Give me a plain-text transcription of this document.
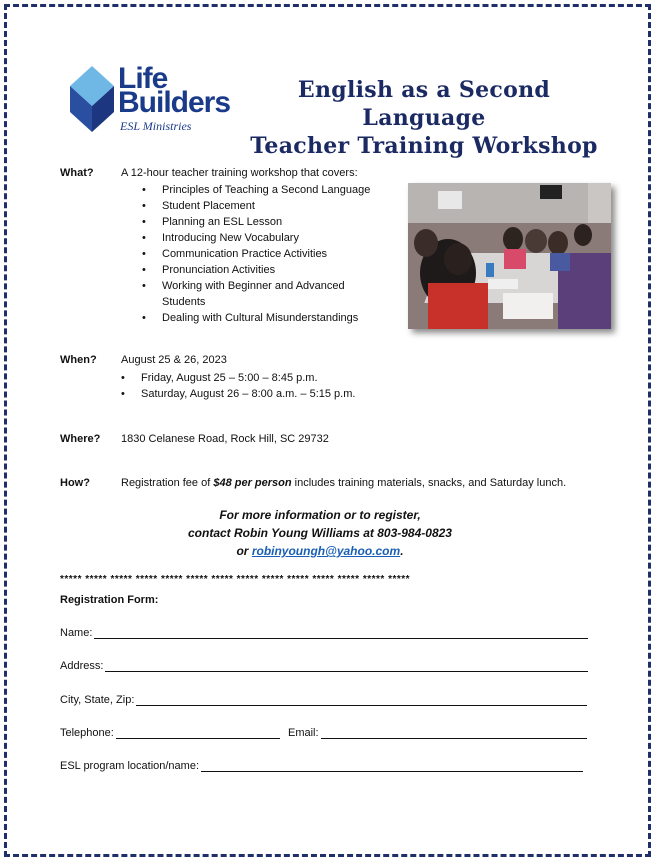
Life
Builders
ESL Ministries
English as a Second Language
Teacher Training Workshop
What? A 12-hour teacher training workshop that covers:
• Principles of Teaching a Second Language
• Student Placement
• Planning an ESL Lesson
• Introducing New Vocabulary
• Communication Practice Activities
• Pronunciation Activities
• Working with Beginner and Advanced Students
• Dealing with Cultural Misunderstandings
When? August 25 & 26, 2023
• Friday, August 25 – 5:00 – 8:45 p.m.
• Saturday, August 26 – 8:00 a.m. – 5:15 p.m.
Where? 1830 Celanese Road, Rock Hill, SC 29732
How?	Registration fee of $48 per person includes training materials, snacks, and Saturday lunch.
For more information or to register,
contact Robin Young Williams at 803-984-0823
or robinyoungh@yahoo.com.
***** ***** ***** ***** ***** ***** ***** ***** ***** ***** ***** ***** ***** *****
Registration Form:
Name:
Address:
City, State, Zip:
Telephone:	Email:
ESL program location/name:
